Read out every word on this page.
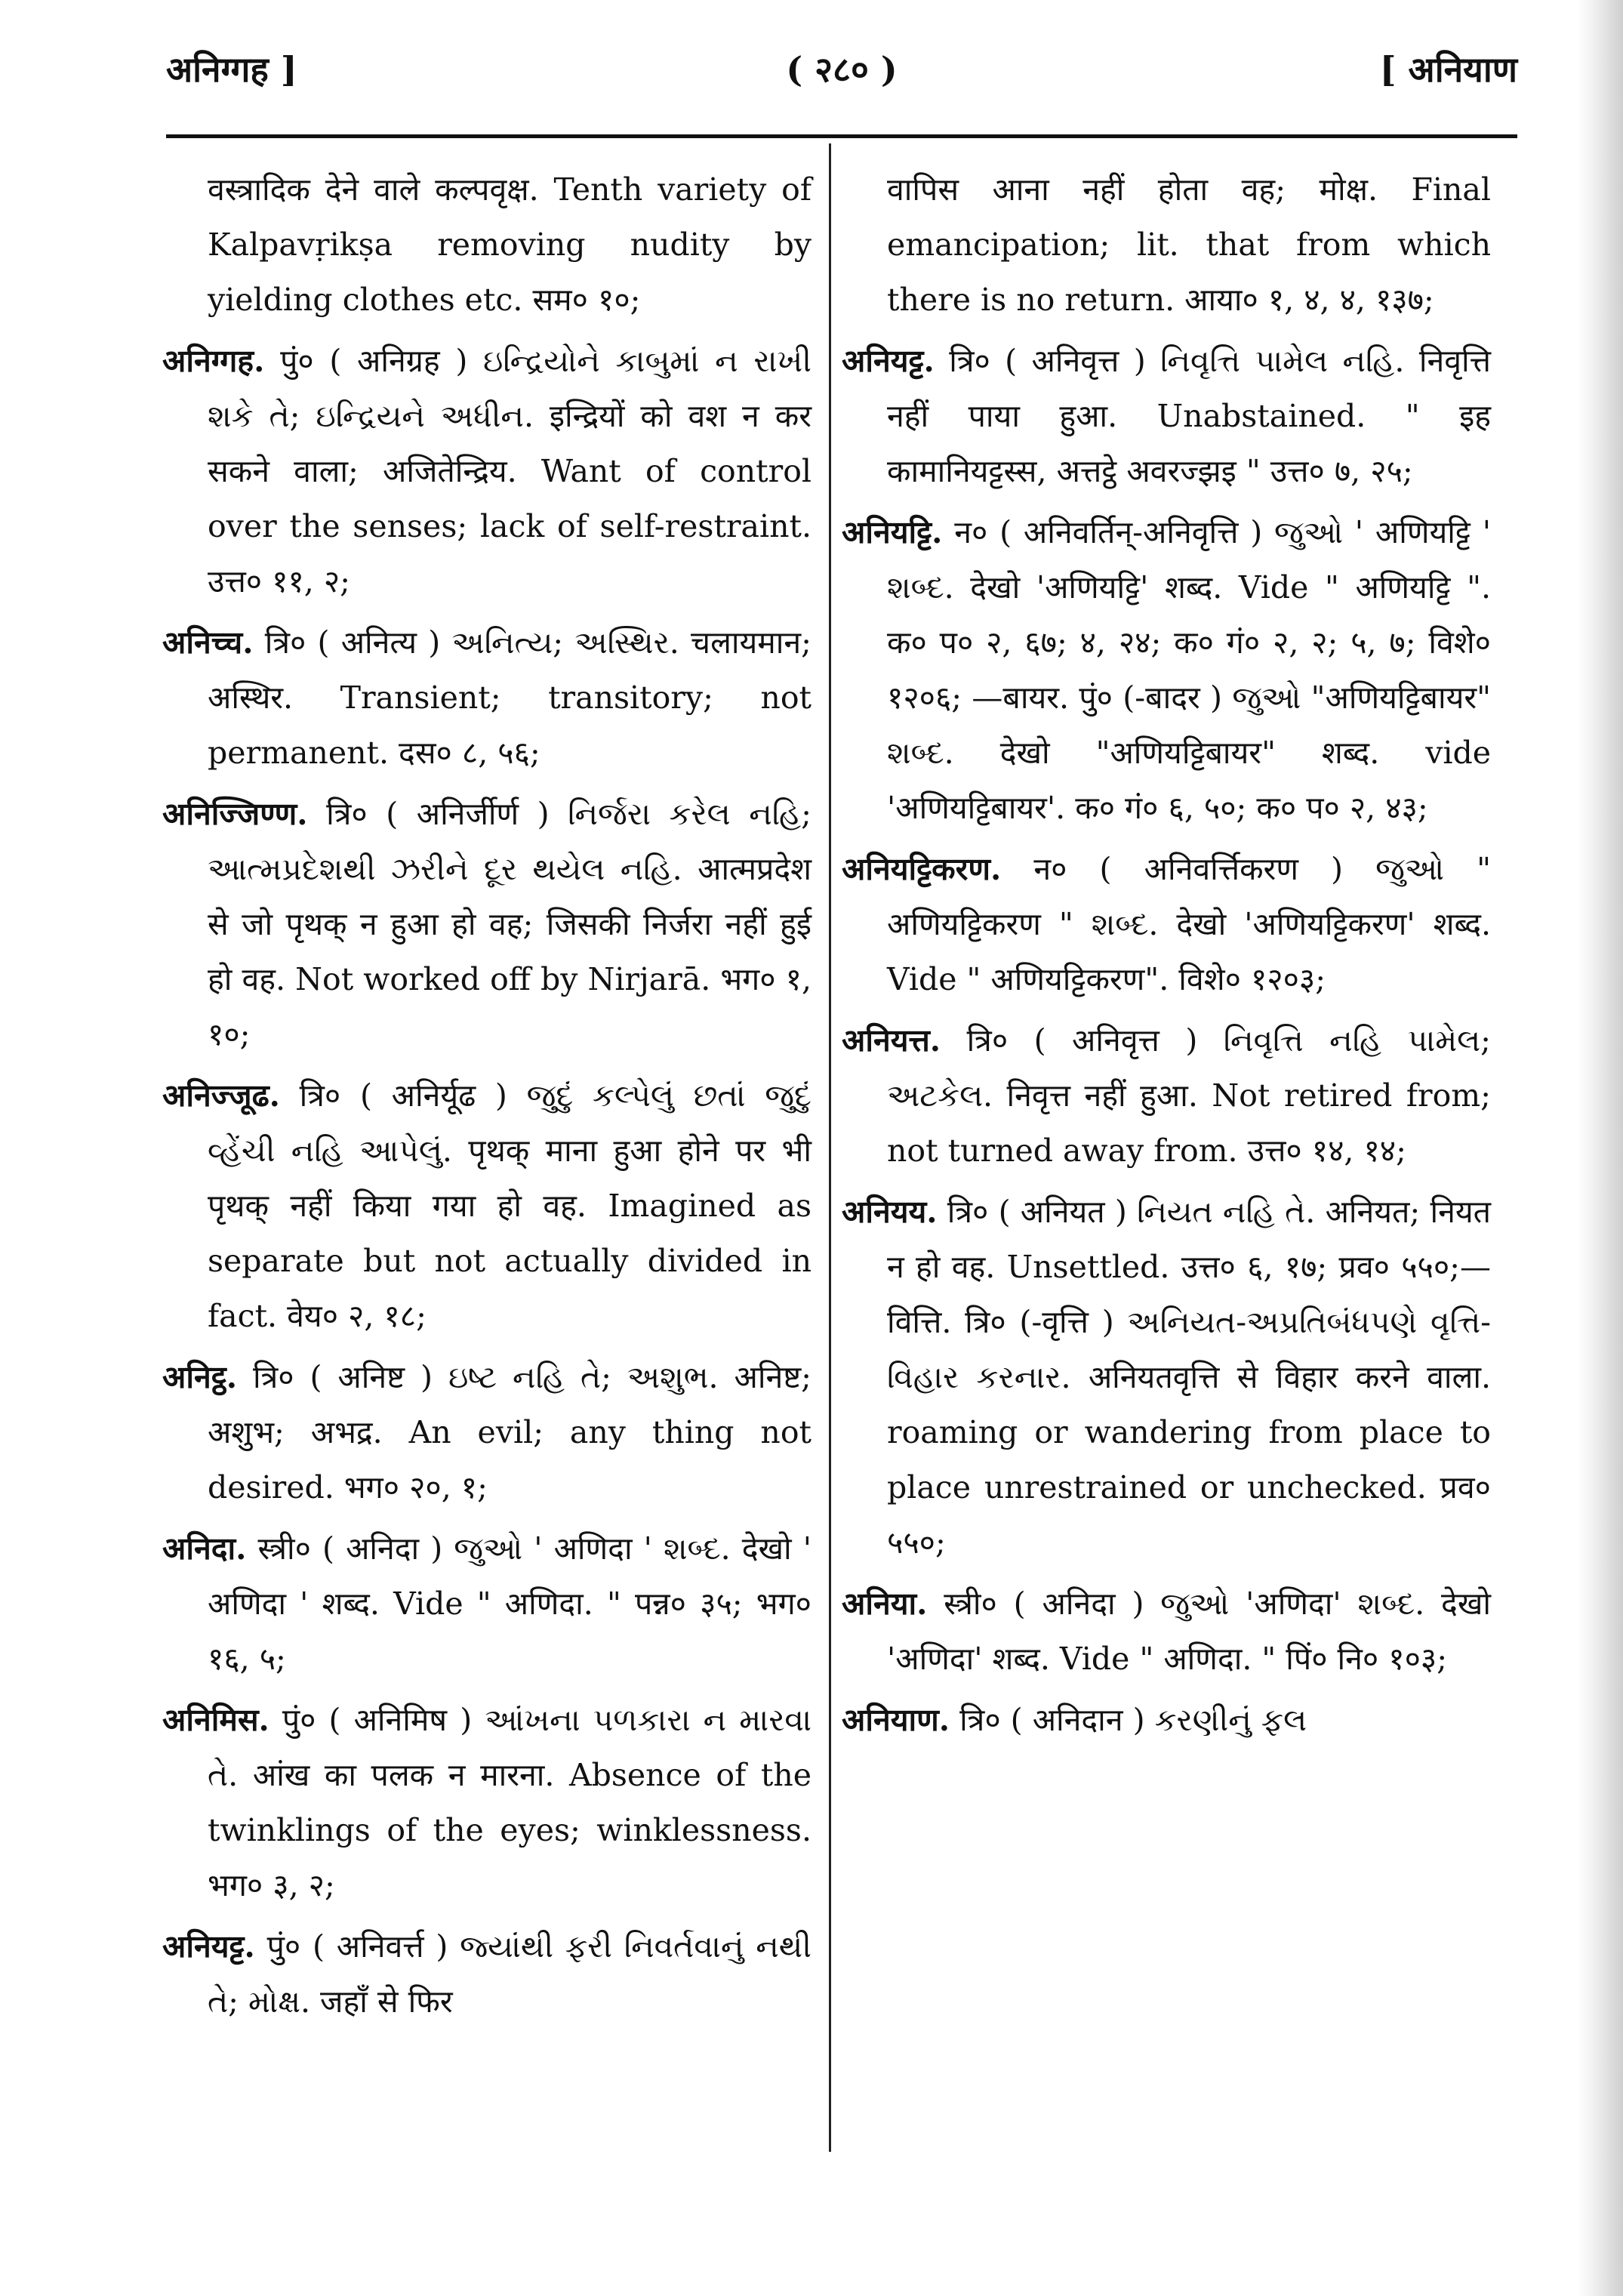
अनिग्गह ]	( २८० )	[ अनियाण

वस्त्रादिक देने वाले कल्पवृक्ष. Tenth variety of Kalpavṛikṣa removing nudity by yielding clothes etc. सम० १०;

अनिग्गह. पुं० ( अनिग्रह ) ઇન્દ્રિયોને કાબુમાં ન રાખી શકે તે; ઇન્દ્રિયને અધીન. इन्द्रियों को वश न कर सकने वाला; अजितेन्द्रिय. Want of control over the senses; lack of self-restraint. उत्त० ११, २;

अनिच्च. त्रि० ( अनित्य ) અનિત્ય; અસ્થિર. चलायमान; अस्थिर. Transient; transitory; not permanent. दस० ८, ५६;

अनिज्जिण्ण. त्रि० ( अनिर्जीर्ण ) નિર્જરા કરેલ નહિ; આત્મપ્રદેશથી ઝરીને દૂર થયેલ નહિ. आत्मप्रदेश से जो पृथक् न हुआ हो वह; जिसकी निर्जरा नहीं हुई हो वह. Not worked off by Nirjarā. भग० १, १०;

अनिज्जूढ. त्रि० ( अनिर्यूढ ) જુદું કલ્પેલું છતાં જુદું વ્હેંચી નહિ આપેલું. पृथक् माना हुआ होने पर भी पृथक् नहीं किया गया हो वह. Imagined as separate but not actually divided in fact. वेय० २, १८;

अनिट्ठ. त्रि० ( अनिष्ट ) ઇષ્ટ નહિ તે; અશુભ. अनिष्ट; अशुभ; अभद्र. An evil; any thing not desired. भग० २०, १;

अनिदा. स्त्री० ( अनिदा ) જુઓ ' अणिदा ' શબ્દ. देखो ' अणिदा ' शब्द. Vide " अणिदा. " पन्न० ३५; भग० १६, ५;

अनिमिस. पुं० ( अनिमिष ) આંખના પળકારા ન મારવા તે. आंख का पलक न मारना. Absence of the twinklings of the eyes; winklessness. भग० ३, २;

अनियट्ट. पुं० ( अनिवर्त्त ) જ્યાંથી ફરી નિવર્તવાનું નથી તે; મોક્ષ. जहाँ से फिर

वापिस आना नहीं होता वह; मोक्ष. Final emancipation; lit. that from which there is no return. आया० १, ४, ४, १३७;

अनियट्ट. त्रि० ( अनिवृत्त ) નિવૃત્તિ પામેલ નહિ. निवृत्ति नहीं पाया हुआ. Unabstained. " इह कामानियट्टस्स, अत्तट्ठे अवरज्झइ " उत्त० ७, २५;

अनियट्टि. न० ( अनिवर्तिन्-अनिवृत्ति ) જુઓ ' अणियट्टि ' શબ્દ. देखो 'अणियट्टि' शब्द. Vide " अणियट्टि ". क० प० २, ६७; ४, २४; क० गं० २, २; ५, ७; विशे० १२०६; —बायर. पुं० (-बादर ) જુઓ "अणियट्टिबायर" શબ્દ. देखो "अणियट्टिबायर" शब्द. vide 'अणियट्टिबायर'. क० गं० ६, ५०; क० प० २, ४३;

अनियट्टिकरण. न० ( अनिवर्त्तिकरण ) જુઓ " अणियट्टिकरण " શબ્દ. देखो 'अणियट्टिकरण' शब्द. Vide " अणियट्टिकरण". विशे० १२०३;

अनियत्त. त्रि० ( अनिवृत्त ) નિવૃત્તિ નહિ પામેલ; અટકેલ. निवृत्त नहीं हुआ. Not retired from; not turned away from. उत्त० १४, १४;

अनियय. त्रि० ( अनियत ) નિયત નહિ તે. अनियत; नियत न हो वह. Unsettled. उत्त० ६, १७; प्रव० ५५०;—वित्ति. त्रि० (-वृत्ति ) અનિયત-અપ્રતિબંધપણે વૃત્તિ-વિહાર કરનાર. अनियतवृत्ति से विहार करने वाला. roaming or wandering from place to place unrestrained or unchecked. प्रव० ५५०;

अनिया. स्त्री० ( अनिदा ) જુઓ 'अणिदा' શબ્દ. देखो 'अणिदा' शब्द. Vide " अणिदा. " पिं० नि० १०३;

अनियाण. त्रि० ( अनिदान ) કરણીનું ફલ
